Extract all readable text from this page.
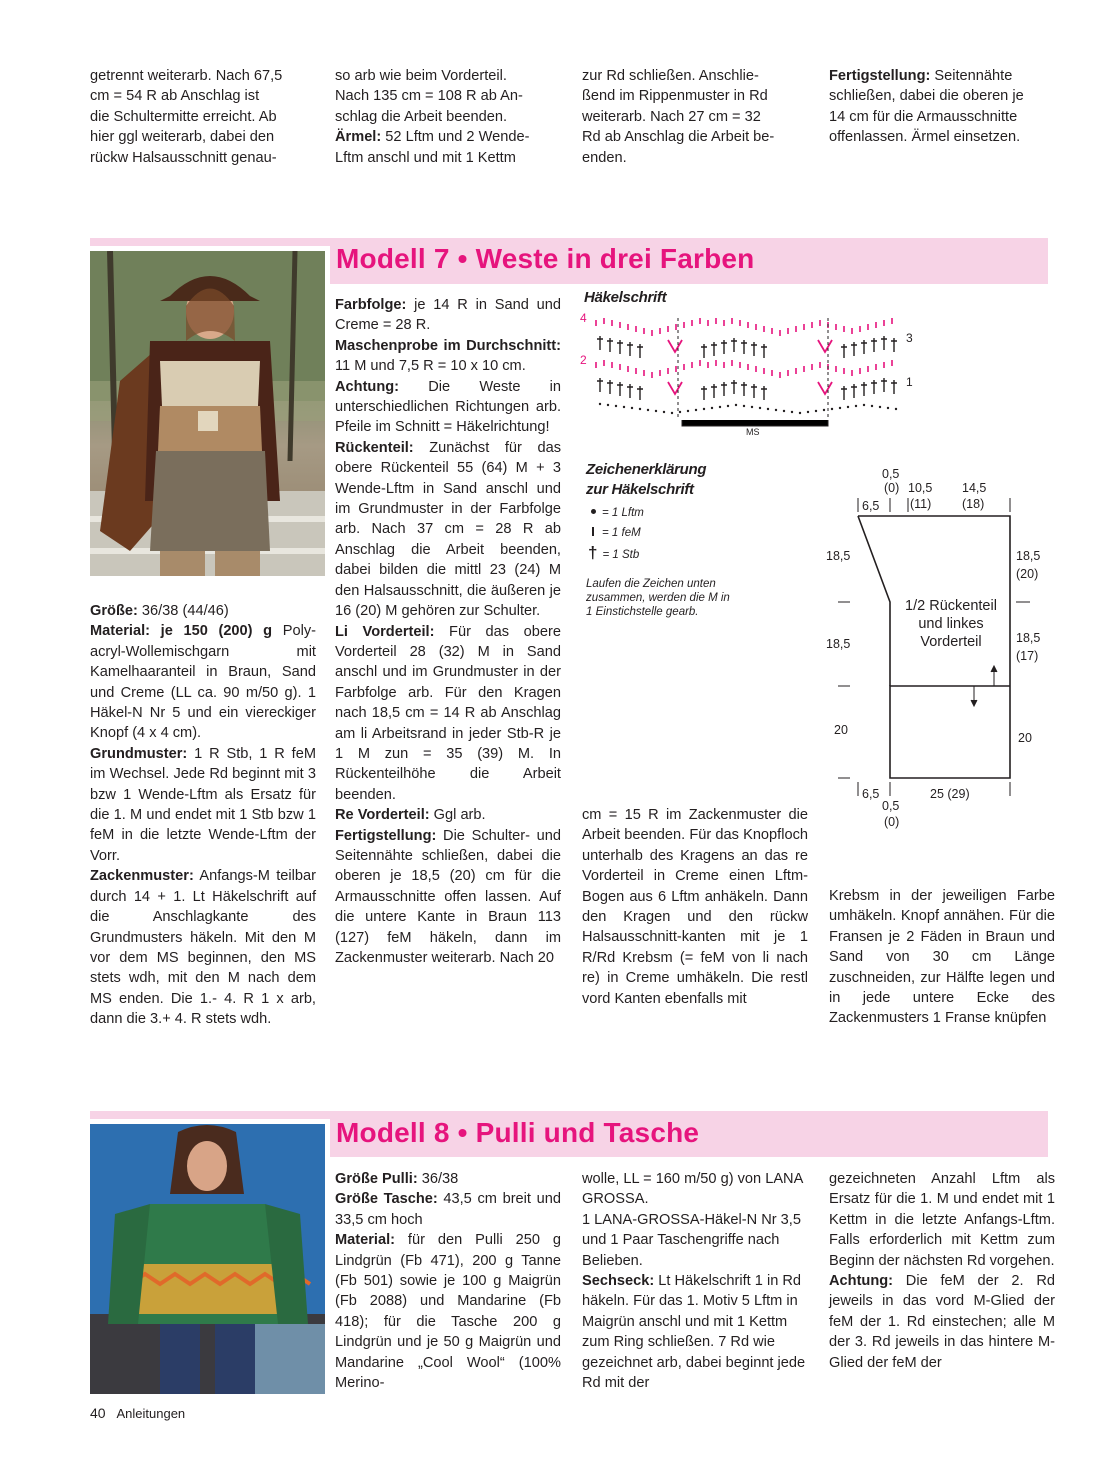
getrennt weiterarb. Nach 67,5

cm = 54 R ab Anschlag ist

die Schultermitte erreicht. Ab

hier ggl weiterarb, dabei den

rückw Halsausschnitt genau-

so arb wie beim Vorderteil.

Nach 135 cm = 108 R ab An-

schlag die Arbeit beenden.

Ärmel: 52 Lftm und 2 Wende-

Lftm anschl und mit 1 Kettm

zur Rd schließen. Anschlie-

ßend im Rippenmuster in Rd

weiterarb. Nach 27 cm = 32

Rd ab Anschlag die Arbeit be-

enden.

Fertigstellung: Seitennähte

schließen, dabei die oberen je

14 cm für die Armausschnitte

offenlassen. Ärmel einsetzen.

Modell 7 • Weste in drei Farben

Größe: 36/38 (44/46)

Material: je 150 (200) g Poly-acryl-Wollemischgarn mit Kamelhaaranteil in Braun, Sand und Creme (LL ca. 90 m/50 g). 1 Häkel-N Nr 5 und ein viereckiger Knopf (4 x 4 cm).

Grundmuster: 1 R Stb, 1 R feM im Wechsel. Jede Rd beginnt mit 3 bzw 1 Wende-Lftm als Ersatz für die 1. M und endet mit 1 Stb bzw 1 feM in die letzte Wende-Lftm der Vorr.

Zackenmuster: Anfangs-M teilbar durch 14 + 1. Lt Häkelschrift auf die Anschlagkante des Grundmusters häkeln. Mit den M vor dem MS beginnen, den MS stets wdh, mit den M nach dem MS enden. Die 1.- 4. R 1 x arb, dann die 3.+ 4. R stets wdh.

Farbfolge: je 14 R in Sand und Creme = 28 R.

Maschenprobe im Durchschnitt: 11 M und 7,5 R = 10 x 10 cm.

Achtung: Die Weste in unterschiedlichen Richtungen arb. Pfeile im Schnitt = Häkelrichtung!

Rückenteil: Zunächst für das obere Rückenteil 55 (64) M + 3 Wende-Lftm in Sand anschl und im Grundmuster in der Farbfolge arb. Nach 37 cm = 28 R ab Anschlag die Arbeit beenden, dabei bilden die mittl 23 (24) M den Halsausschnitt, die äußeren je 16 (20) M gehören zur Schulter.

Li Vorderteil: Für das obere Vorderteil 28 (32) M in Sand anschl und im Grundmuster in der Farbfolge arb. Für den Kragen nach 18,5 cm = 14 R ab Anschlag am li Arbeitsrand in jeder Stb-R je 1 M zun = 35 (39) M. In Rückenteilhöhe die Arbeit beenden.

Re Vorderteil: Ggl arb.

Fertigstellung: Die Schulter- und Seitennähte schließen, dabei die oberen je 18,5 (20) cm für die Armausschnitte offen lassen. Auf die untere Kante in Braun 113 (127) feM häkeln, dann im Zackenmuster weiterarb. Nach 20

Häkelschrift
4
2
3
1
MS
Zeichenerklärung
zur Häkelschrift
= 1 Lftm
= 1 feM
† = 1 Stb
Laufen die Zeichen unten
zusammen, werden die M in
1 Einstichstelle gearb.
0,5
(0) 10,5
(11)
14,5
(18)
6,5
18,5
18,5
20
18,5
(20)
18,5
(17)
20
6,5
0,5
(0)
25 (29)
1/2 Rückenteil
und linkes
Vorderteil

cm = 15 R im Zackenmuster die Arbeit beenden. Für das Knopfloch unterhalb des Kragens an das re Vorderteil in Creme einen Lftm-Bogen aus 6 Lftm anhäkeln. Dann den Kragen und den rückw Halsausschnitt-kanten mit je 1 R/Rd Krebsm (= feM von li nach re) in Creme umhäkeln. Die restl vord Kanten ebenfalls mit

Krebsm in der jeweiligen Farbe umhäkeln. Knopf annähen. Für die Fransen je 2 Fäden in Braun und Sand von 30 cm Länge zuschneiden, zur Hälfte legen und in jede untere Ecke des Zackenmusters 1 Franse knüpfen

Modell 8 • Pulli und Tasche

Größe Pulli: 36/38

Größe Tasche: 43,5 cm breit und 33,5 cm hoch

Material: für den Pulli 250 g Lindgrün (Fb 471), 200 g Tanne (Fb 501) sowie je 100 g Maigrün (Fb 2088) und Mandarine (Fb 418); für die Tasche 200 g Lindgrün und je 50 g Maigrün und Mandarine „Cool Wool“ (100% Merino-

wolle, LL = 160 m/50 g) von LANA GROSSA.

1 LANA-GROSSA-Häkel-N Nr 3,5 und 1 Paar Taschengriffe nach Belieben.

Sechseck: Lt Häkelschrift 1 in Rd häkeln. Für das 1. Motiv 5 Lftm in Maigrün anschl und mit 1 Kettm zum Ring schließen. 7 Rd wie gezeichnet arb, dabei beginnt jede Rd mit der

gezeichneten Anzahl Lftm als Ersatz für die 1. M und endet mit 1 Kettm in die letzte Anfangs-Lftm. Falls erforderlich mit Kettm zum Beginn der nächsten Rd vorgehen.

Achtung: Die feM der 2. Rd jeweils in das vord M-Glied der feM der 1. Rd einstechen; alle M der 3. Rd jeweils in das hintere M-Glied der feM der

40 Anleitungen
